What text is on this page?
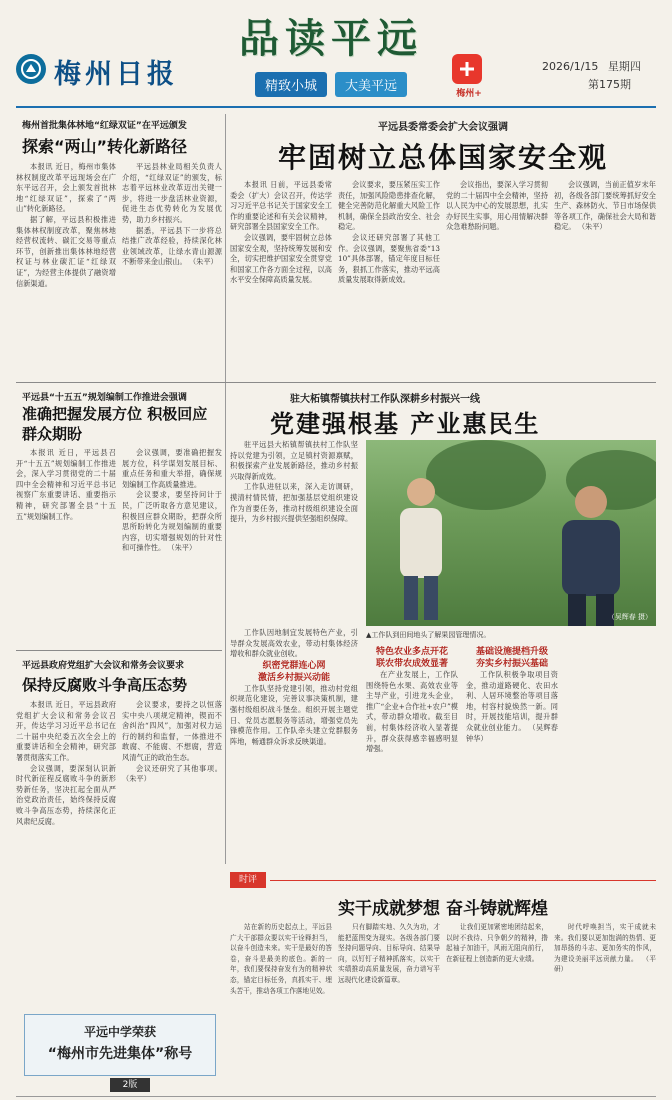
梅州日报
品读平远
精致小城	大美平远	梅州+
2026/1/15 星期四
第175期
梅州首批集体林地“红绿双证”在平远颁发
探索“两山”转化新路径

本报讯 近日，梅州市集体林权制度改革平远现场会在广东平远召开，会上颁发首批林地“红绿双证”，探索了“两山”转化新路径。

据了解，平远县积极推进集体林权制度改革，聚焦林地经营权流转、碳汇交易等重点环节，创新推出集体林地经营权证与林业碳汇证“红绿双证”，为经营主体提供了融资增信新渠道。

平远县林业局相关负责人介绍，“红绿双证”的颁发，标志着平远林业改革迈出关键一步，将进一步盘活林业资源，促进生态优势转化为发展优势，助力乡村振兴。

据悉，平远县下一步将总结推广改革经验，持续深化林业领域改革，让绿水青山源源不断带来金山银山。 （朱平）

平远县委常委会扩大会议强调
牢固树立总体国家安全观

本报讯 日前，平远县委常委会（扩大）会议召开，传达学习习近平总书记关于国家安全工作的重要论述和有关会议精神，研究部署全县国家安全工作。

会议强调，要牢固树立总体国家安全观，坚持统筹发展和安全，切实把维护国家安全贯穿党和国家工作各方面全过程，以高水平安全保障高质量发展。

会议要求，要压紧压实工作责任，加强风险隐患排查化解，健全完善防范化解重大风险工作机制，确保全县政治安全、社会稳定。

会议还研究部署了其他工作。会议强调，要聚焦省委“1310”具体部署，锚定年度目标任务，狠抓工作落实，推动平远高质量发展取得新成效。

会议指出，要深入学习贯彻党的二十届四中全会精神，坚持以人民为中心的发展思想，扎实办好民生实事，用心用情解决群众急难愁盼问题。

会议强调，当前正值岁末年初，各级各部门要统筹抓好安全生产、森林防火、节日市场保供等各项工作，确保社会大局和谐稳定。 （朱平）

平远县“十五五”规划编制工作推进会强调
准确把握发展方位 积极回应群众期盼

本报讯 近日，平远县召开“十五五”规划编制工作推进会，深入学习贯彻党的二十届四中全会精神和习近平总书记视察广东重要讲话、重要指示精神，研究部署全县“十五五”规划编制工作。

会议强调，要准确把握发展方位，科学谋划发展目标、重点任务和重大举措，确保规划编制工作高质量推进。

会议要求，要坚持问计于民，广泛听取各方意见建议，积极回应群众期盼，把群众所思所盼转化为规划编制的重要内容，切实增强规划的针对性和可操作性。 （朱平）

驻大柘镇帮镇扶村工作队深耕乡村振兴一线
党建强根基 产业惠民生

驻平远县大柘镇帮镇扶村工作队坚持以党建为引领，立足镇村资源禀赋，积极探索产业发展新路径，推动乡村振兴取得新成效。

工作队进驻以来，深入走访调研，摸清村情民情，把加强基层党组织建设作为首要任务，推动村级组织建设全面提升，为乡村振兴提供坚强组织保障。

（吴辉春 摄）
▲工作队到田间地头了解果园管理情况。

工作队因地制宜发展特色产业，引导群众发展高效农业，带动村集体经济增收和群众就业创收。

织密党群连心网
激活乡村振兴动能

工作队坚持党建引领，推动村党组织规范化建设，完善议事决策机制，建强村级组织战斗堡垒。组织开展主题党日、党员志愿服务等活动，增强党员先锋模范作用。工作队牵头建立党群服务阵地，畅通群众诉求反映渠道。

特色农业多点开花
联农带农成效显著

在产业发展上，工作队围绕特色水果、高效农业等主导产业，引进龙头企业，推广“企业+合作社+农户”模式，带动群众增收。截至目前，村集体经济收入显著提升，群众获得感幸福感明显增强。

基础设施提档升级
夯实乡村振兴基础

工作队积极争取项目资金，推动道路硬化、农田水利、人居环境整治等项目落地，村容村貌焕然一新。同时，开展技能培训，提升群众就业创业能力。 （吴辉春 钟华）

平远县政府党组扩大会议和常务会议要求
保持反腐败斗争高压态势

本报讯 近日，平远县政府党组扩大会议和常务会议召开，传达学习习近平总书记在二十届中央纪委五次全会上的重要讲话和全会精神，研究部署贯彻落实工作。

会议强调，要深刻认识新时代新征程反腐败斗争的新形势新任务，坚决扛起全面从严治党政治责任，始终保持反腐败斗争高压态势，持续深化正风肃纪反腐。

会议要求，要持之以恒落实中央八项规定精神，锲而不舍纠治“四风”，加强对权力运行的制约和监督，一体推进不敢腐、不能腐、不想腐，营造风清气正的政治生态。

会议还研究了其他事项。 （朱平）

时评
实干成就梦想 奋斗铸就辉煌

站在新的历史起点上，平远县广大干部群众要以实干诠释担当，以奋斗创造未来。实干是最好的答卷，奋斗是最美的底色。新的一年，我们要保持奋发有为的精神状态，锚定目标任务，真抓实干、埋头苦干，推动各项工作落地见效。

只有脚踏实地、久久为功，才能把蓝图变为现实。各级各部门要坚持问题导向、目标导向、结果导向，以钉钉子精神抓落实，以实干实绩推动高质量发展，奋力谱写平远现代化建设新篇章。

让我们更加紧密地团结起来，以时不我待、只争朝夕的精神，撸起袖子加油干，风雨无阻向前行，在新征程上创造新的更大业绩。

时代呼唤担当，实干成就未来。我们要以更加饱满的热情、更加昂扬的斗志、更加务实的作风，为建设美丽平远贡献力量。 （平研）

平远中学荣获
“梅州市先进集体”称号
2版
